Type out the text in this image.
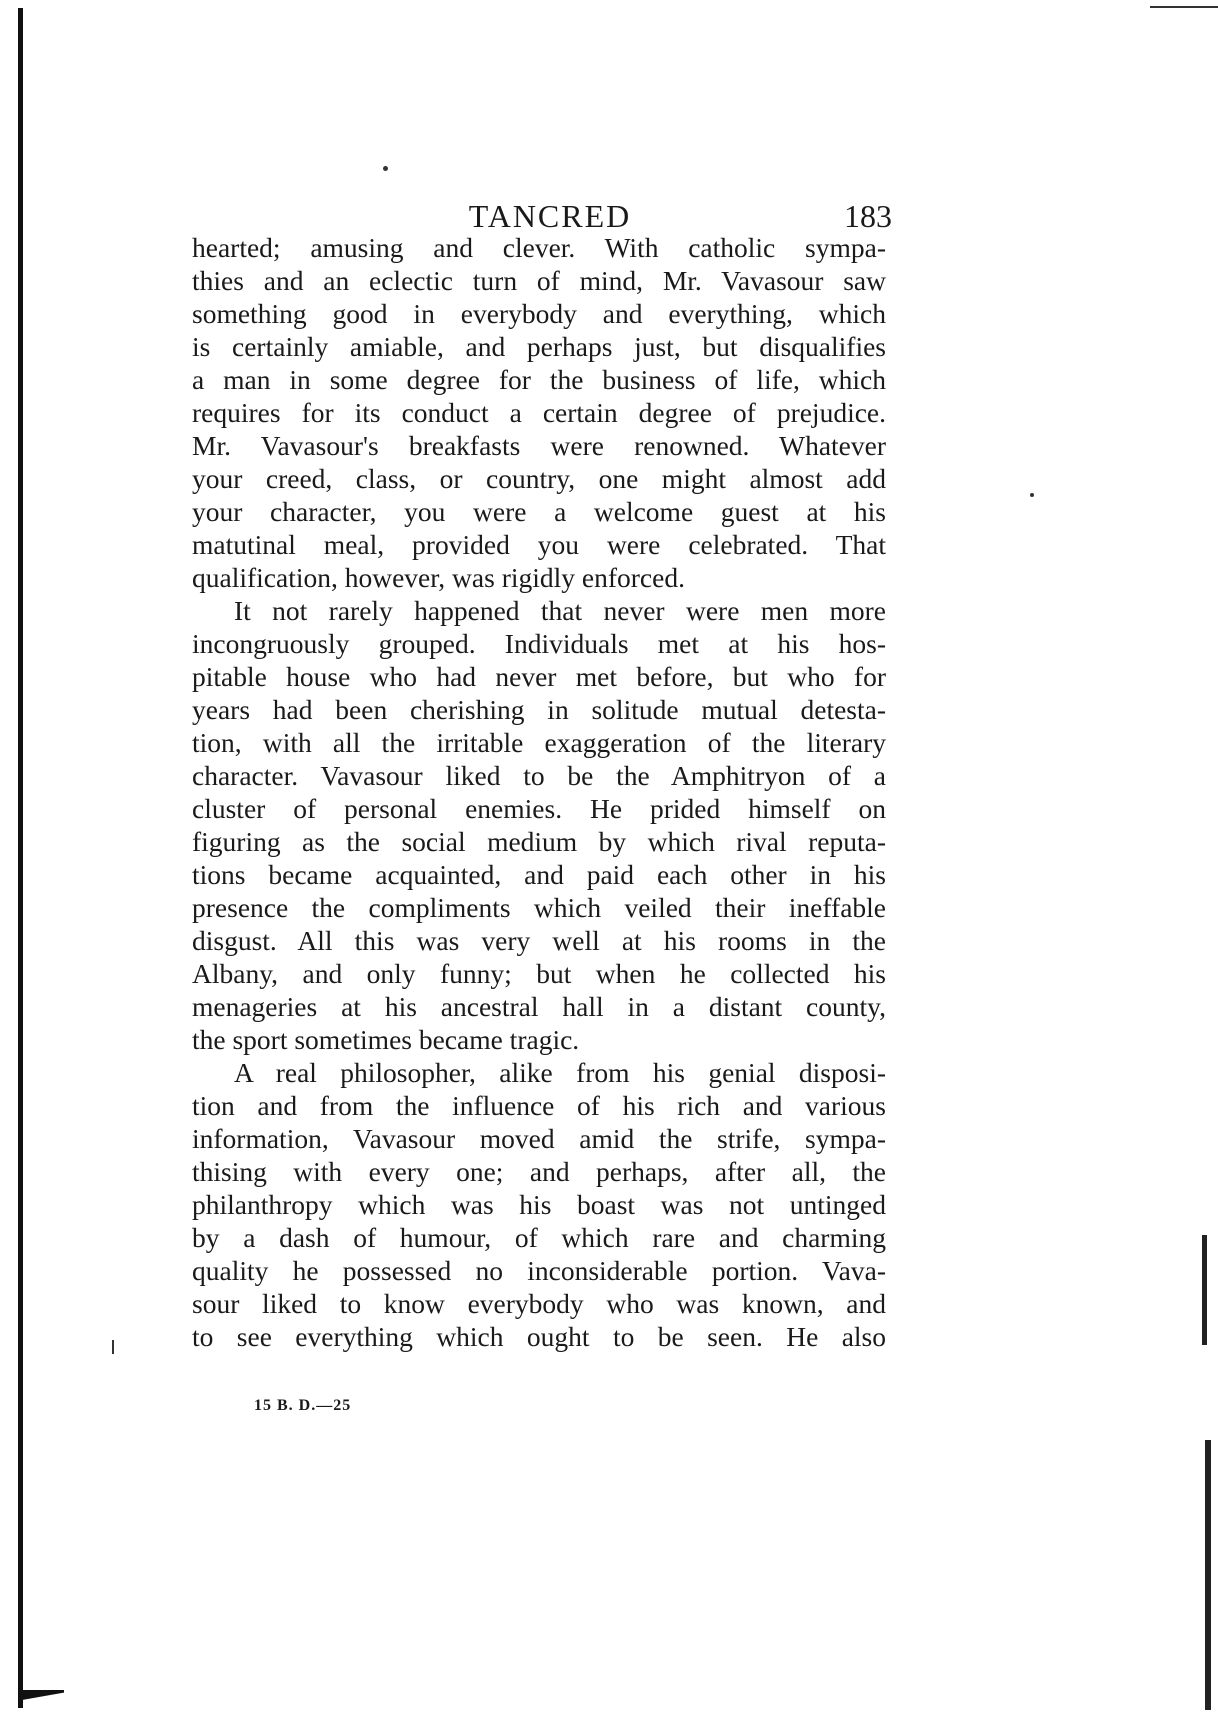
TANCRED	183
hearted; amusing and clever. With catholic sympa-
thies and an eclectic turn of mind, Mr. Vavasour saw
something good in everybody and everything, which
is certainly amiable, and perhaps just, but disqualifies
a man in some degree for the business of life, which
requires for its conduct a certain degree of prejudice.
Mr. Vavasour's breakfasts were renowned. Whatever
your creed, class, or country, one might almost add
your character, you were a welcome guest at his
matutinal meal, provided you were celebrated. That
qualification, however, was rigidly enforced.
It not rarely happened that never were men more
incongruously grouped. Individuals met at his hos-
pitable house who had never met before, but who for
years had been cherishing in solitude mutual detesta-
tion, with all the irritable exaggeration of the literary
character. Vavasour liked to be the Amphitryon of a
cluster of personal enemies. He prided himself on
figuring as the social medium by which rival reputa-
tions became acquainted, and paid each other in his
presence the compliments which veiled their ineffable
disgust. All this was very well at his rooms in the
Albany, and only funny; but when he collected his
menageries at his ancestral hall in a distant county,
the sport sometimes became tragic.
A real philosopher, alike from his genial disposi-
tion and from the influence of his rich and various
information, Vavasour moved amid the strife, sympa-
thising with every one; and perhaps, after all, the
philanthropy which was his boast was not untinged
by a dash of humour, of which rare and charming
quality he possessed no inconsiderable portion. Vava-
sour liked to know everybody who was known, and
to see everything which ought to be seen. He also
15 B. D.—25
